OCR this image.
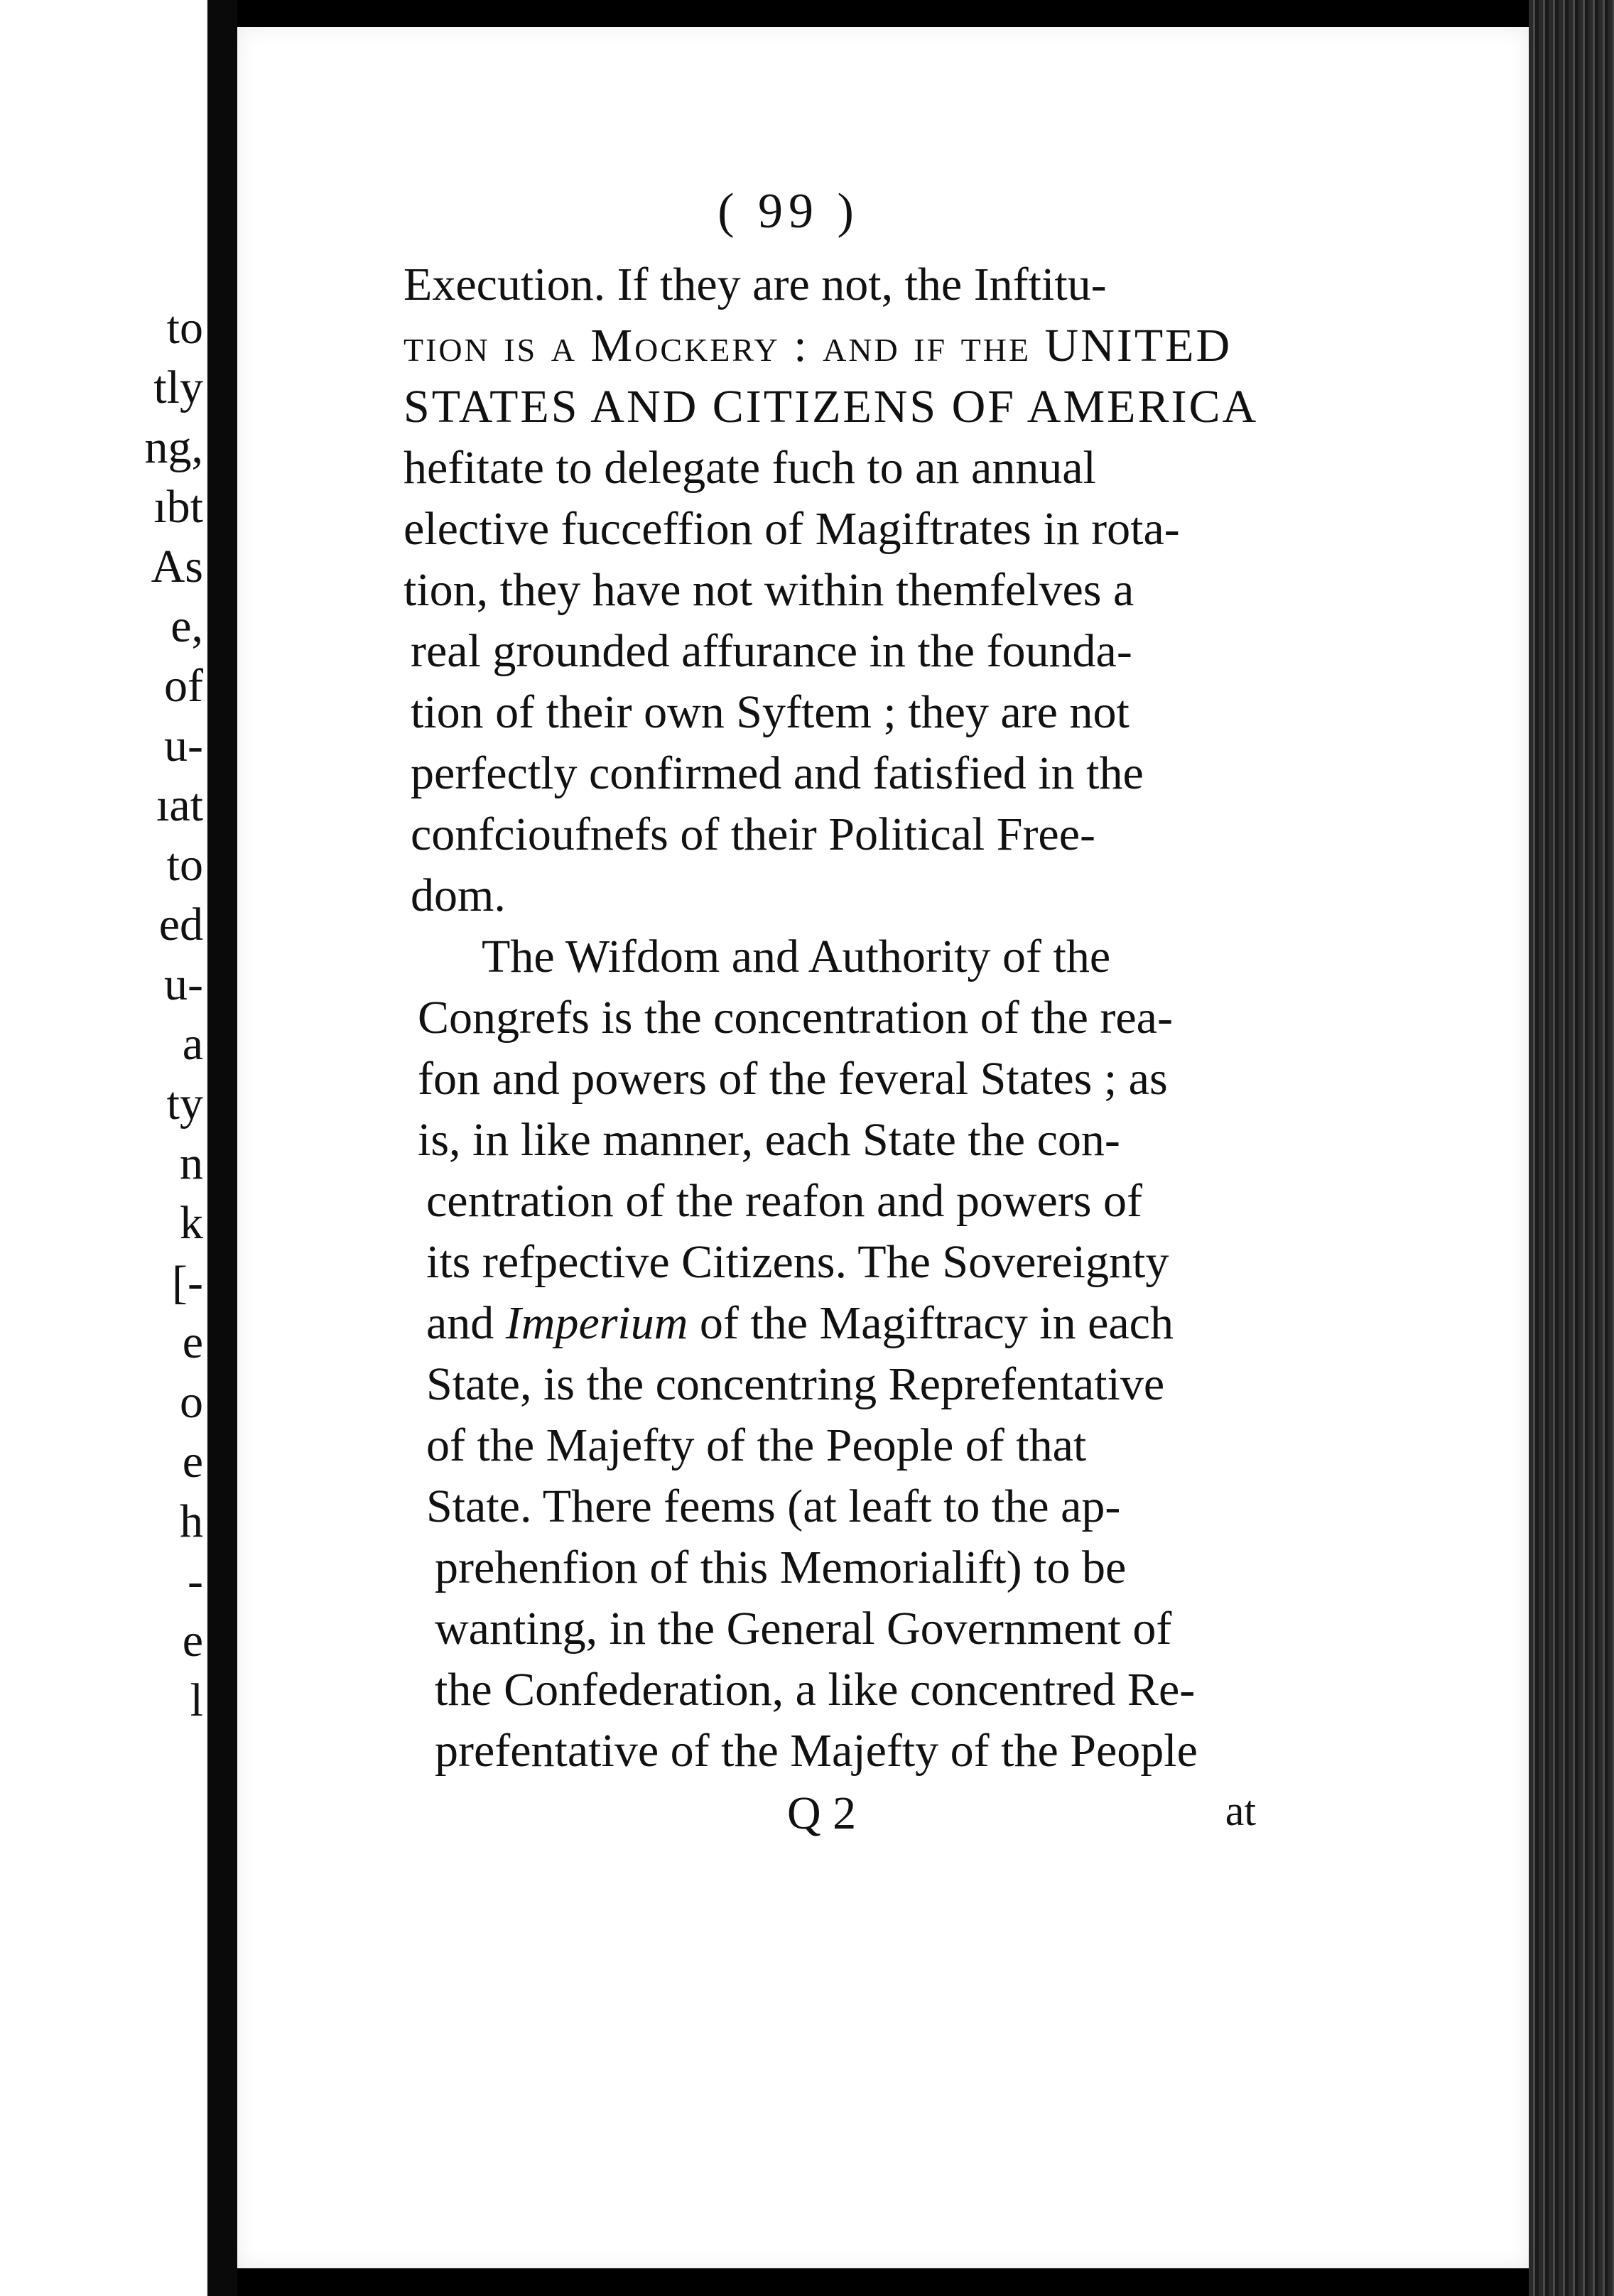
to
tly
ng,
ıbt
As
e,
of
u-
ıat
to
ed
u-
a
ty
n
k
[-
e
o
e
h
-
e
l
( 99 )
Execution. If they are not, the Inftitu-
tion is a Mockery : and if the UNITED
STATES AND CITIZENS OF AMERICA
hefitate to delegate fuch to an annual
elective fucceffion of Magiftrates in rota-
tion, they have not within themfelves a
real grounded affurance in the founda-
tion of their own Syftem ; they are not
perfectly confirmed and fatisfied in the
confcioufnefs of their Political Free-
dom.
The Wifdom and Authority of the
Congrefs is the concentration of the rea-
fon and powers of the feveral States ; as
is, in like manner, each State the con-
centration of the reafon and powers of
its refpective Citizens. The Sovereignty
and
Imperium
of the Magiftracy in each
State, is the concentring Reprefentative
of the Majefty of the People of that
State. There feems (at leaft to the ap-
prehenfion of this Memorialift) to be
wanting, in the General Government of
the Confederation, a like concentred Re-
prefentative of the Majefty of the People
Q 2	at
